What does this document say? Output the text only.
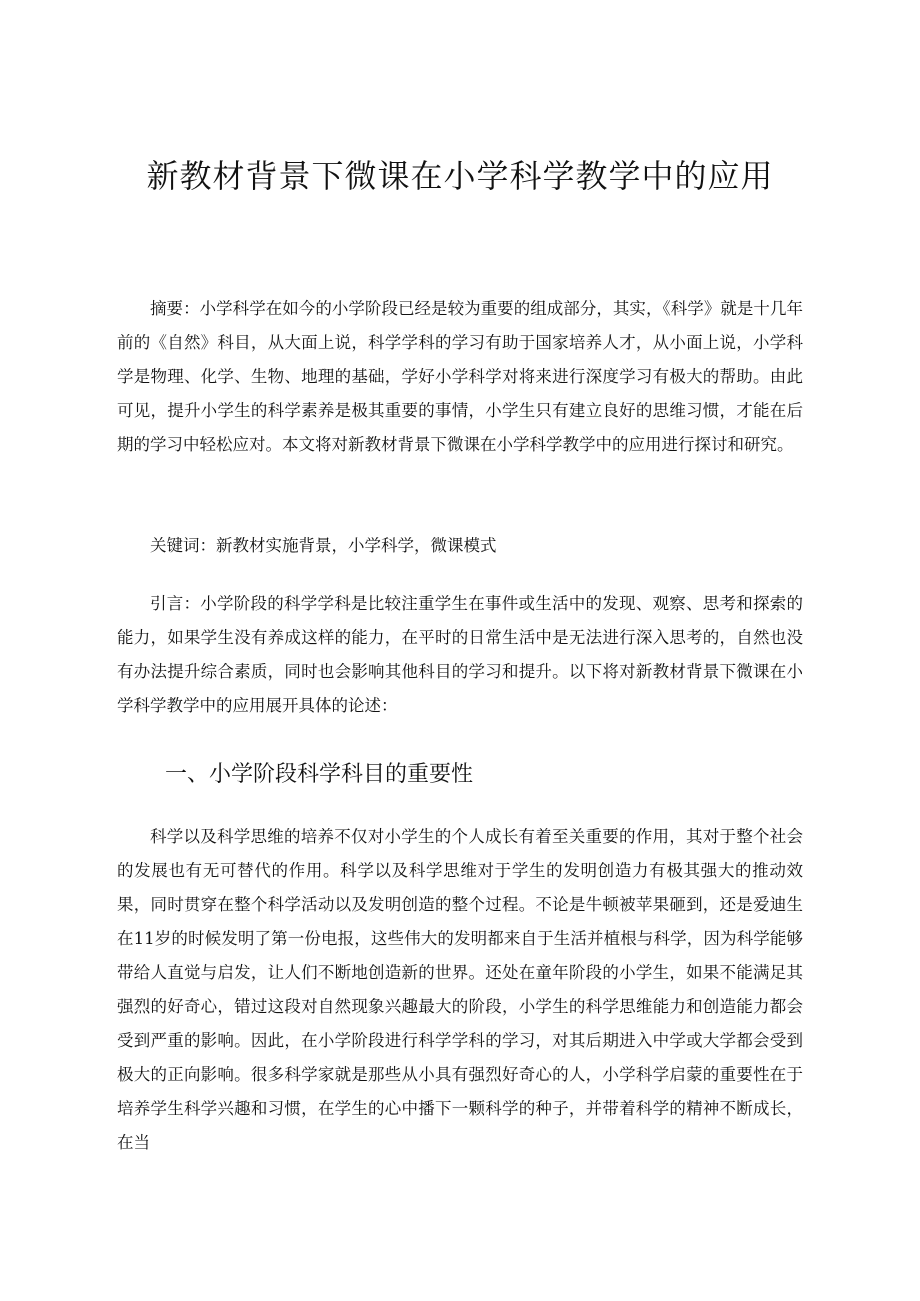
新教材背景下微课在小学科学教学中的应用

摘要：小学科学在如今的小学阶段已经是较为重要的组成部分，其实，《科学》就是十几年前的《自然》科目，从大面上说，科学学科的学习有助于国家培养人才，从小面上说，小学科学是物理、化学、生物、地理的基础，学好小学科学对将来进行深度学习有极大的帮助。由此可见，提升小学生的科学素养是极其重要的事情，小学生只有建立良好的思维习惯，才能在后期的学习中轻松应对。本文将对新教材背景下微课在小学科学教学中的应用进行探讨和研究。

关键词：新教材实施背景，小学科学，微课模式

引言：小学阶段的科学学科是比较注重学生在事件或生活中的发现、观察、思考和探索的能力，如果学生没有养成这样的能力，在平时的日常生活中是无法进行深入思考的，自然也没有办法提升综合素质，同时也会影响其他科目的学习和提升。以下将对新教材背景下微课在小学科学教学中的应用展开具体的论述：

一、小学阶段科学科目的重要性

科学以及科学思维的培养不仅对小学生的个人成长有着至关重要的作用，其对于整个社会的发展也有无可替代的作用。科学以及科学思维对于学生的发明创造力有极其强大的推动效果，同时贯穿在整个科学活动以及发明创造的整个过程。不论是牛顿被苹果砸到，还是爱迪生在11岁的时候发明了第一份电报，这些伟大的发明都来自于生活并植根与科学，因为科学能够带给人直觉与启发，让人们不断地创造新的世界。还处在童年阶段的小学生，如果不能满足其强烈的好奇心，错过这段对自然现象兴趣最大的阶段，小学生的科学思维能力和创造能力都会受到严重的影响。因此，在小学阶段进行科学学科的学习，对其后期进入中学或大学都会受到极大的正向影响。很多科学家就是那些从小具有强烈好奇心的人，小学科学启蒙的重要性在于培养学生科学兴趣和习惯，在学生的心中播下一颗科学的种子，并带着科学的精神不断成长，在当
